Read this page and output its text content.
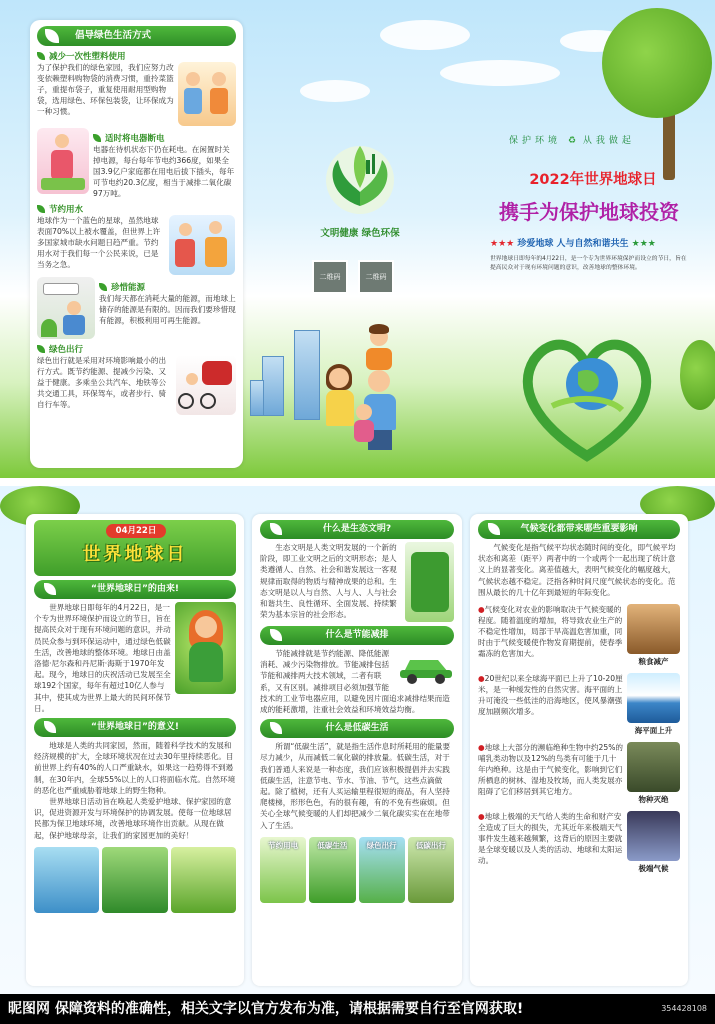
倡导绿色生活方式
减少一次性塑料使用
为了保护我们的绿色家园，我们应努力改变依赖塑料购物袋的消费习惯，重拎菜篮子，重提布袋子，重复使用耐用型购物袋，选用绿色、环保包装袋，让环保成为一种习惯。
适时将电器断电
电器在待机状态下仍在耗电。在闲置时关掉电源，每台每年节电约366度，如果全国3.9亿户家庭都在用电后拔下插头，每年可节电约20.3亿度，相当于减排二氧化碳97万吨。
节约用水
地球作为一个蓝色的星球，虽然地球表面70%以上被水覆盖，但世界上许多国家城市缺水问题日趋严重。节约用水对于我们每一个公民来说，已是当务之急。
珍惜能源
我们每天都在消耗大量的能源，而地球上储存的能源是有限的。因而我们要珍惜现有能源，积极利用可再生能源。
绿色出行
绿色出行就是采用对环境影响最小的出行方式。既节约能源、提减少污染、又益于健康。多乘坐公共汽车、地铁等公共交通工具，环保驾车，或者步行、骑自行车等。
文明健康 绿色环保
二维码	二维码
保护环境 ♻ 从我做起
2022年世界地球日
携手为保护地球投资
★★★ 珍爱地球 人与自然和谐共生 ★★★
世界地球日即每年的4月22日，是一个专为世界环境保护而设立的节日，旨在提高民众对于现有环境问题的意识，改善地球的整体环境。
04月22日
世界地球日
“世界地球日”的由来!
世界地球日即每年的4月22日，是一个专为世界环境保护而设立的节日，旨在提高民众对于现有环境问题的意识，并动员民众参与到环保运动中，通过绿色低碳生活，改善地球的整体环境。地球日由盖洛德·尼尔森和丹尼斯·海斯于1970年发起。现今，地球日的庆祝活动已发展至全球192个国家，每年有超过10亿人参与其中，使其成为世界上最大的民间环保节日。
“世界地球日”的意义!
地球是人类的共同家园，然而，随着科学技术的发展和经济规模的扩大，全球环境状况在过去30年里持续恶化。目前世界上约有40%的人口严重缺水，如果这一趋势得不到遏制，在30年内，全球55%以上的人口将面临水荒。自然环境的恶化也严重威胁着地球上的野生物种。
世界地球日活动旨在唤起人类爱护地球、保护家园的意识，促进资源开发与环境保护的协调发展。使每一位地球居民都为保卫地球环境，改善地球环境作出贡献。从现在做起，保护地球母亲，让我们的家园更加的美好！
什么是生态文明?
生态文明是人类文明发展的一个新的阶段，即工业文明之后的文明形态；是人类遵循人、自然、社会和谐发展这一客观规律而取得的物质与精神成果的总和。生态文明是以人与自然、人与人、人与社会和谐共生、良性循环、全面发展、持续繁荣为基本宗旨的社会形态。
什么是节能减排
节能减排就是节约能源、降低能源消耗、减少污染物排放。节能减排包括节能和减排两大技术领域，二者有联系，又有区别。减排项目必须加强节能技术的工业节电器应用，以避免因片面追求减排结果而造成的能耗激增，注重社会效益和环境效益均衡。
什么是低碳生活
所谓“低碳生活”，就是指生活作息时所耗用的能量要尽力减少，从而减低二氧化碳的排放量。低碳生活，对于我们普通人来说是一种态度，我们应该积极提倡并去实践低碳生活，注意节电、节水、节油、节气，这些点滴做起。除了植树，还有人买运输里程很短的商品，有人坚持爬楼梯，形形色色，有的很有趣，有的不免有些麻烦。但关心全球气候变暖的人们却把减少二氧化碳实实在在地带入了生活。
节约用电	低碳生活	绿色出行	低碳出行
气候变化都带来哪些重要影响
气候变化是指气候平均状态随时间的变化，即气候平均状态和离差（距平）两者中的一个或两个一起出现了统计意义上的显著变化。离差值越大，表明气候变化的幅度越大，气候状态越不稳定。泛指各种时间尺度气候状态的变化。范围从最长的几十亿年到最短的年际变化。
●气候变化对农业的影响取决于气候变暖的程度。随着温度的增加，将导致农业生产的不稳定性增加，局部干旱高温危害加重，同时由于气候变暖使作物发育期提前，使春季霜冻的危害加大。
粮食减产
●20世纪以来全球海平面已上升了10-20厘米，是一种缓发性的自然灾害。海平面的上升可淹没一些低洼的沿海地区，使风暴潮强度加剧频次增多。
海平面上升
●地球上大部分的濒临绝种生物中约25%的哺乳类动物以及12%的鸟类有可能于几十年内绝种。这是由于气候变化，影响到它们所栖息的树林、湿地及牧场，而人类发展亦阻碍了它们移居到其它地方。
物种灭绝
●地球上极端的天气给人类的生命和财产安全造成了巨大的损失，尤其近年来极端天气事件发生越来越频繁，这背后的原因主要就是全球变暖以及人类的活动、地球和太阳运动。
极端气候
昵图网 保障资料的准确性，相关文字以官方发布为准，请根据需要自行至官网获取!	354428108
